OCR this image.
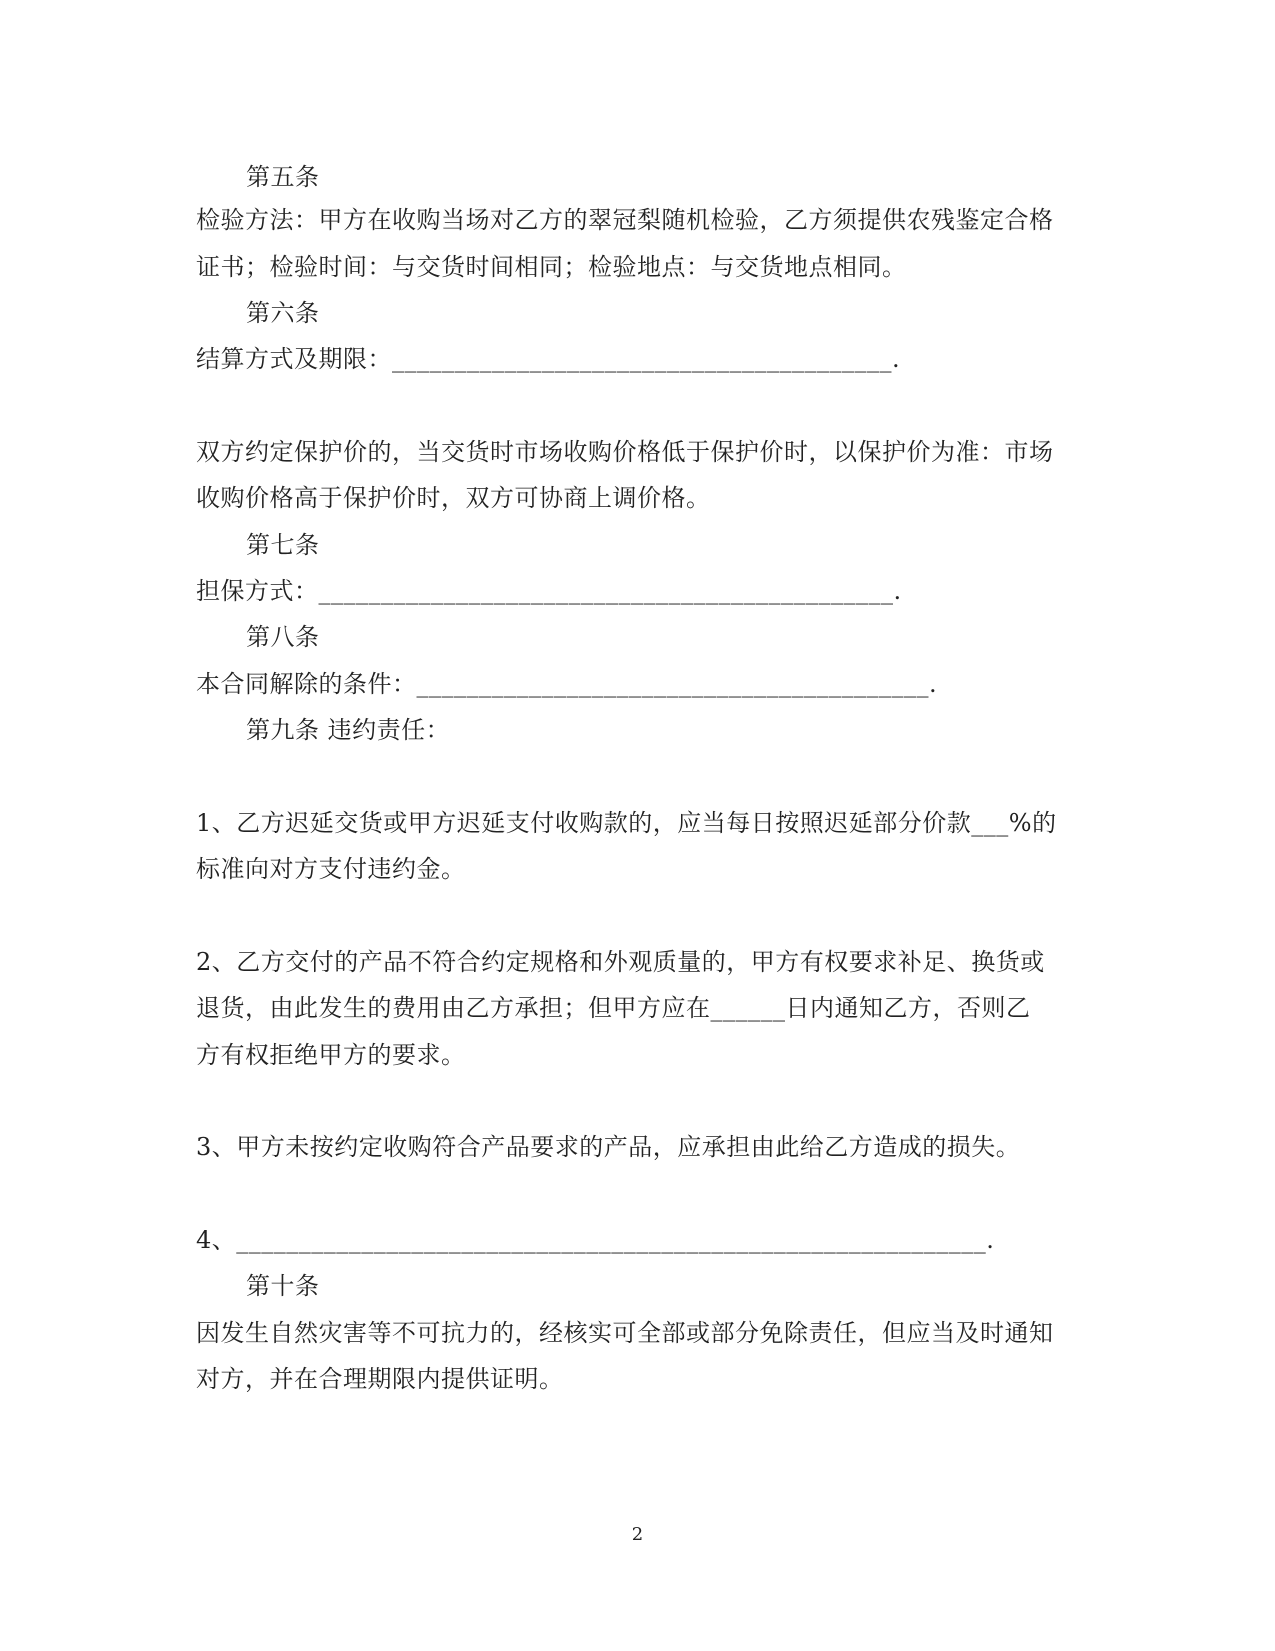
第五条
检验方法：甲方在收购当场对乙方的翠冠梨随机检验，乙方须提供农残鉴定合格
证书；检验时间：与交货时间相同；检验地点：与交货地点相同。
第六条
结算方式及期限：________________________________________.
双方约定保护价的，当交货时市场收购价格低于保护价时，以保护价为准：市场
收购价格高于保护价时，双方可协商上调价格。
第七条
担保方式：______________________________________________.
第八条
本合同解除的条件：_________________________________________.
第九条 违约责任：
1、乙方迟延交货或甲方迟延支付收购款的，应当每日按照迟延部分价款___%的
标准向对方支付违约金。
2、乙方交付的产品不符合约定规格和外观质量的，甲方有权要求补足、换货或
退货，由此发生的费用由乙方承担；但甲方应在______日内通知乙方，否则乙
方有权拒绝甲方的要求。
3、甲方未按约定收购符合产品要求的产品，应承担由此给乙方造成的损失。
4、____________________________________________________________.
第十条
因发生自然灾害等不可抗力的，经核实可全部或部分免除责任，但应当及时通知
对方，并在合理期限内提供证明。
2
